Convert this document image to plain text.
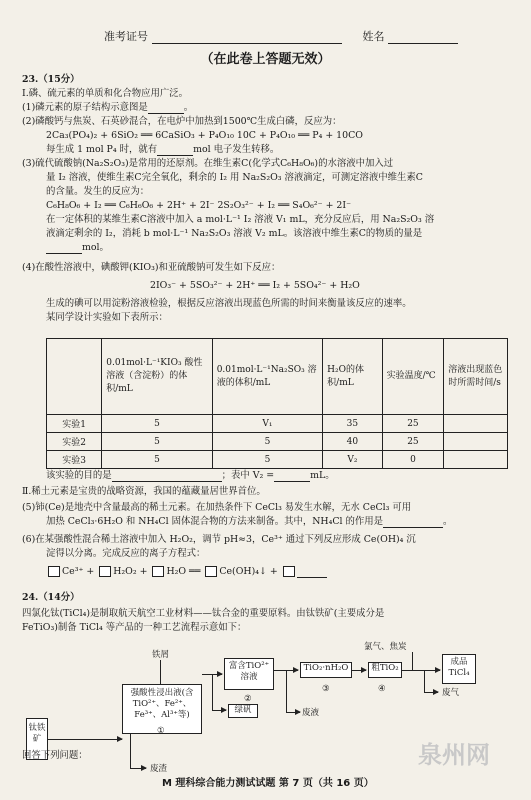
准考证号	姓名
（在此卷上答题无效）
23.（15分）
Ⅰ.磷、硫元素的单质和化合物应用广泛。
(1)磷元素的原子结构示意图是	。
(2)磷酸钙与焦炭、石英砂混合，在电炉中加热到1500℃生成白磷，反应为：
2Ca₃(PO₄)₂ + 6SiO₂ ══ 6CaSiO₃ + P₄O₁₀ 10C + P₄O₁₀ ══ P₄ + 10CO
每生成 1 mol P₄ 时，就有	mol 电子发生转移。
(3)硫代硫酸钠(Na₂S₂O₃)是常用的还原剂。在维生素C(化学式C₆H₈O₆)的水溶液中加入过
量 I₂ 溶液，使维生素C完全氧化，剩余的 I₂ 用 Na₂S₂O₃ 溶液滴定，可测定溶液中维生素C
的含量。发生的反应为：
C₆H₈O₆ + I₂ ══ C₆H₆O₆ + 2H⁺ + 2I⁻ 2S₂O₃²⁻ + I₂ ══ S₄O₆²⁻ + 2I⁻
在一定体积的某维生素C溶液中加入 a mol·L⁻¹ I₂ 溶液 V₁ mL，充分反应后，用 Na₂S₂O₃ 溶
液滴定剩余的 I₂，消耗 b mol·L⁻¹ Na₂S₂O₃ 溶液 V₂ mL。该溶液中维生素C的物质的量是
mol。
(4)在酸性溶液中，碘酸钾(KIO₃)和亚硫酸钠可发生如下反应：
2IO₃⁻ + 5SO₃²⁻ + 2H⁺ ══ I₂ + 5SO₄²⁻ + H₂O
生成的碘可以用淀粉溶液检验，根据反应溶液出现蓝色所需的时间来衡量该反应的速率。
某同学设计实验如下表所示：
	0.01mol·L⁻¹KIO₃ 酸性溶液（含淀粉）的体积/mL	0.01mol·L⁻¹Na₂SO₃ 溶液的体积/mL	H₂O的体积/mL	实验温度/℃	溶液出现蓝色时所需时间/s
实验1	5	V₁	35	25	
实验2	5	5	40	25	
实验3	5	5	V₂	0	
该实验的目的是	；表中 V₂ =	mL。
Ⅱ.稀土元素是宝贵的战略资源，我国的蕴藏量居世界首位。
(5)铈(Ce)是地壳中含量最高的稀土元素。在加热条件下 CeCl₃ 易发生水解，无水 CeCl₃ 可用
加热 CeCl₃·6H₂O 和 NH₄Cl 固体混合物的方法来制备。其中，NH₄Cl 的作用是	。
(6)在某强酸性混合稀土溶液中加入 H₂O₂，调节 pH≈3，Ce³⁺ 通过下列反应形成 Ce(OH)₄ 沉
淀得以分离。完成反应的离子方程式：
Ce³⁺ + H₂O₂ + H₂O ══ Ce(OH)₄↓ +
24.（14分）
四氯化钛(TiCl₄)是制取航天航空工业材料——钛合金的重要原料。由钛铁矿(主要成分是
FeTiO₃)制备 TiCl₄ 等产品的一种工艺流程示意如下：
钛铁矿
铁屑
强酸性浸出液(含TiO²⁺、Fe²⁺、Fe³⁺、Al³⁺等)
①
废渣
富含TiO²⁺溶液
②
绿矾
TiO₂·nH₂O
③
废液
粗TiO₂
④
氯气、焦炭
成品TiCl₄
废气
回答下列问题：
M 理科综合能力测试试题 第 7 页（共 16 页）
泉州网
